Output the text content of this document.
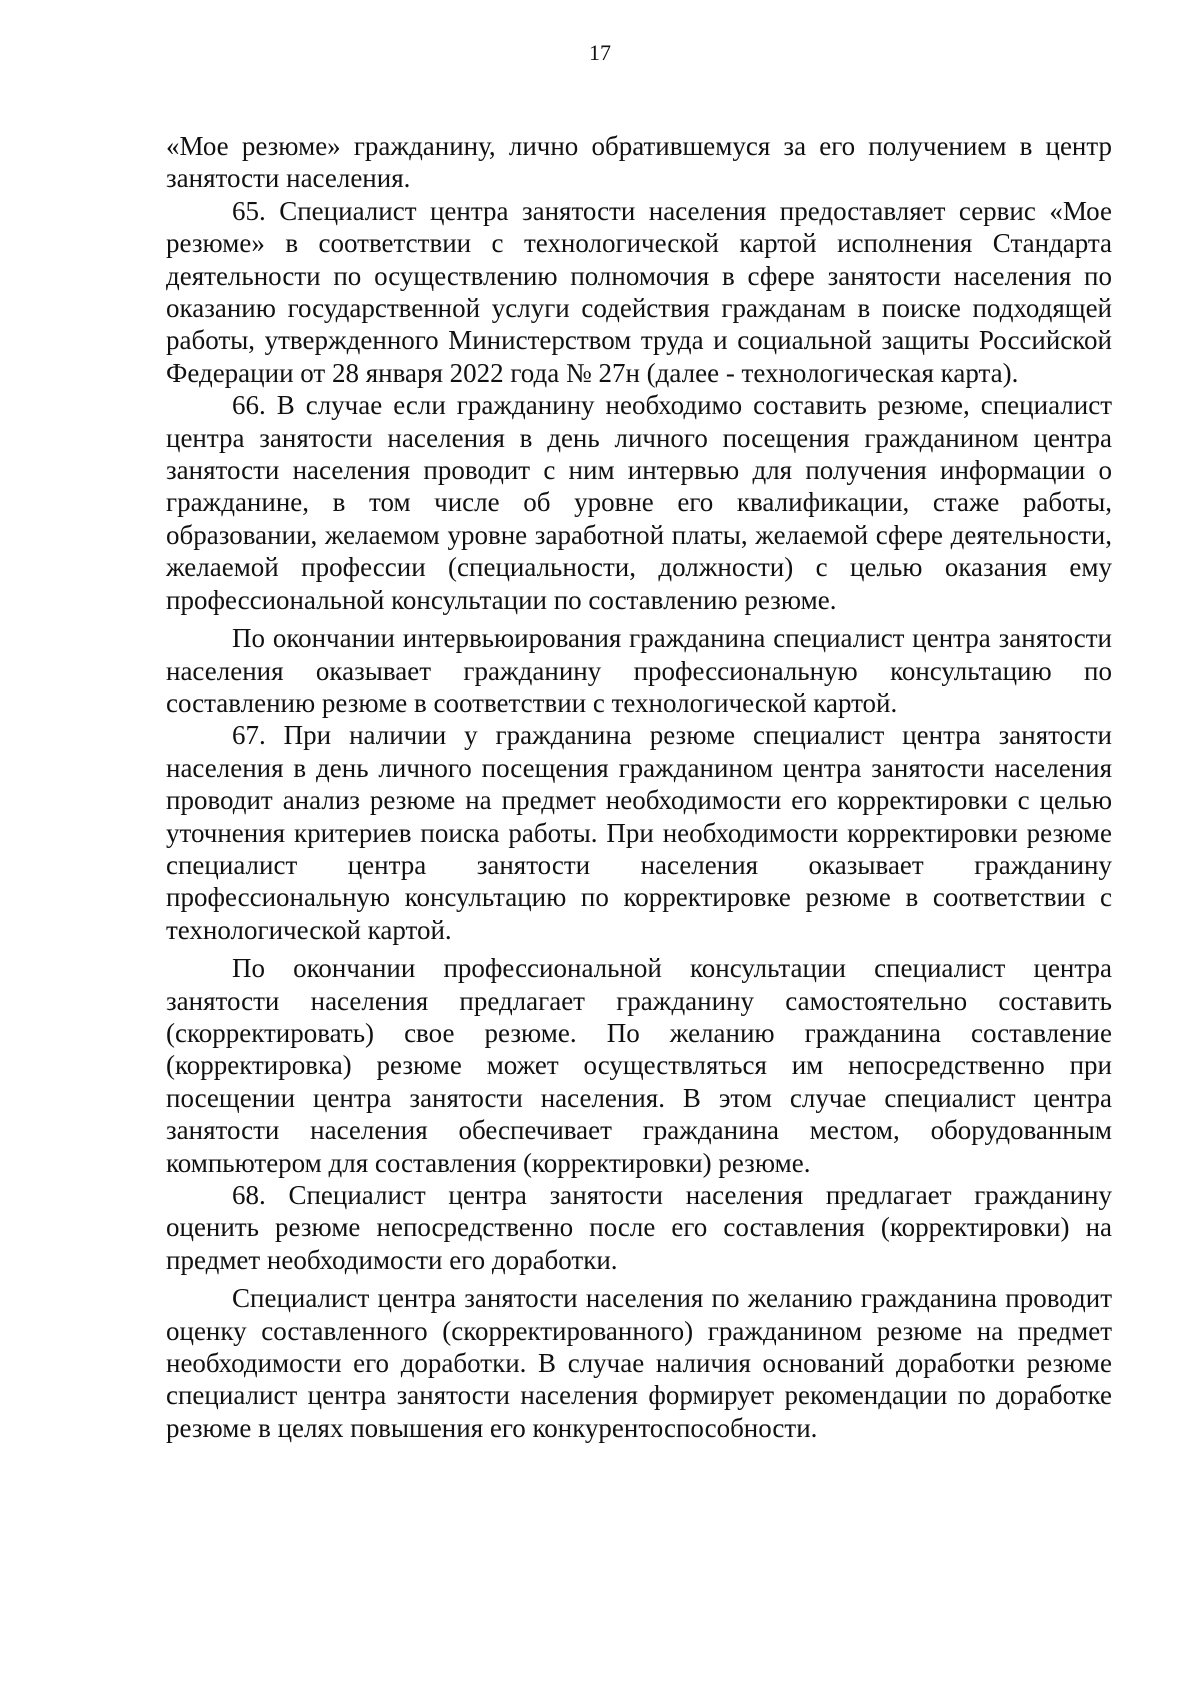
17

«Мое резюме» гражданину, лично обратившемуся за его получением в центр занятости населения.

65. Специалист центра занятости населения предоставляет сервис «Мое резюме» в соответствии с технологической картой исполнения Стандарта деятельности по осуществлению полномочия в сфере занятости населения по оказанию государственной услуги содействия гражданам в поиске подходящей работы, утвержденного Министерством труда и социальной защиты Российской Федерации от 28 января 2022 года № 27н (далее - технологическая карта).

66. В случае если гражданину необходимо составить резюме, специалист центра занятости населения в день личного посещения гражданином центра занятости населения проводит с ним интервью для получения информации о гражданине, в том числе об уровне его квалификации, стаже работы, образовании, желаемом уровне заработной платы, желаемой сфере деятельности, желаемой профессии (специальности, должности) с целью оказания ему профессиональной консультации по составлению резюме.

По окончании интервьюирования гражданина специалист центра занятости населения оказывает гражданину профессиональную консультацию по составлению резюме в соответствии с технологической картой.

67. При наличии у гражданина резюме специалист центра занятости населения в день личного посещения гражданином центра занятости населения проводит анализ резюме на предмет необходимости его корректировки с целью уточнения критериев поиска работы. При необходимости корректировки резюме специалист центра занятости населения оказывает гражданину профессиональную консультацию по корректировке резюме в соответствии с технологической картой.

По окончании профессиональной консультации специалист центра занятости населения предлагает гражданину самостоятельно составить (скорректировать) свое резюме. По желанию гражданина составление (корректировка) резюме может осуществляться им непосредственно при посещении центра занятости населения. В этом случае специалист центра занятости населения обеспечивает гражданина местом, оборудованным компьютером для составления (корректировки) резюме.

68. Специалист центра занятости населения предлагает гражданину оценить резюме непосредственно после его составления (корректировки) на предмет необходимости его доработки.

Специалист центра занятости населения по желанию гражданина проводит оценку составленного (скорректированного) гражданином резюме на предмет необходимости его доработки. В случае наличия оснований доработки резюме специалист центра занятости населения формирует рекомендации по доработке резюме в целях повышения его конкурентоспособности.
